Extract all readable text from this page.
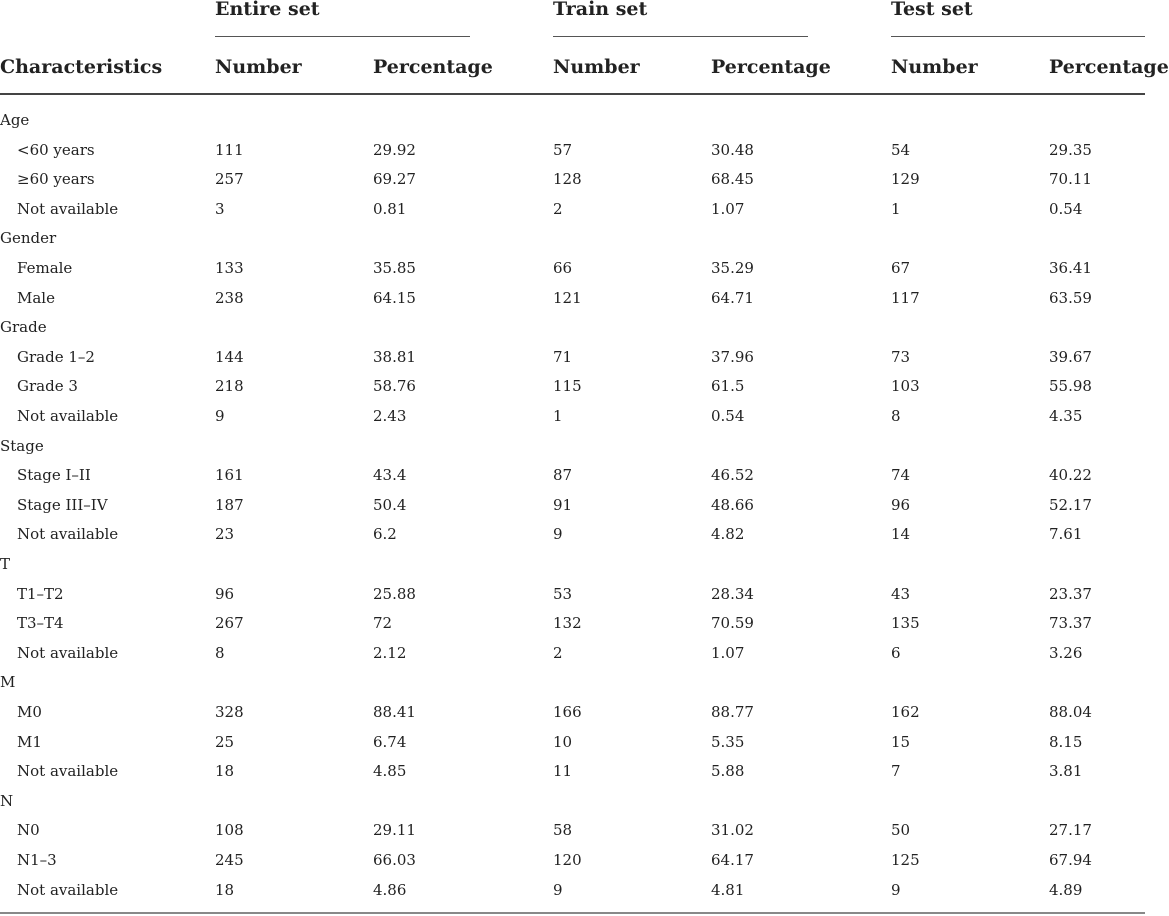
Entire set	Train set	Test set
Characteristics	Number	Percentage	Number	Percentage	Number	Percentage
Age
<60 years	111	29.92	57	30.48	54	29.35
≥60 years	257	69.27	128	68.45	129	70.11
Not available	3	0.81	2	1.07	1	0.54
Gender
Female	133	35.85	66	35.29	67	36.41
Male	238	64.15	121	64.71	117	63.59
Grade
Grade 1–2	144	38.81	71	37.96	73	39.67
Grade 3	218	58.76	115	61.5	103	55.98
Not available	9	2.43	1	0.54	8	4.35
Stage
Stage I–II	161	43.4	87	46.52	74	40.22
Stage III–IV	187	50.4	91	48.66	96	52.17
Not available	23	6.2	9	4.82	14	7.61
T
T1–T2	96	25.88	53	28.34	43	23.37
T3–T4	267	72	132	70.59	135	73.37
Not available	8	2.12	2	1.07	6	3.26
M
M0	328	88.41	166	88.77	162	88.04
M1	25	6.74	10	5.35	15	8.15
Not available	18	4.85	11	5.88	7	3.81
N
N0	108	29.11	58	31.02	50	27.17
N1–3	245	66.03	120	64.17	125	67.94
Not available	18	4.86	9	4.81	9	4.89
